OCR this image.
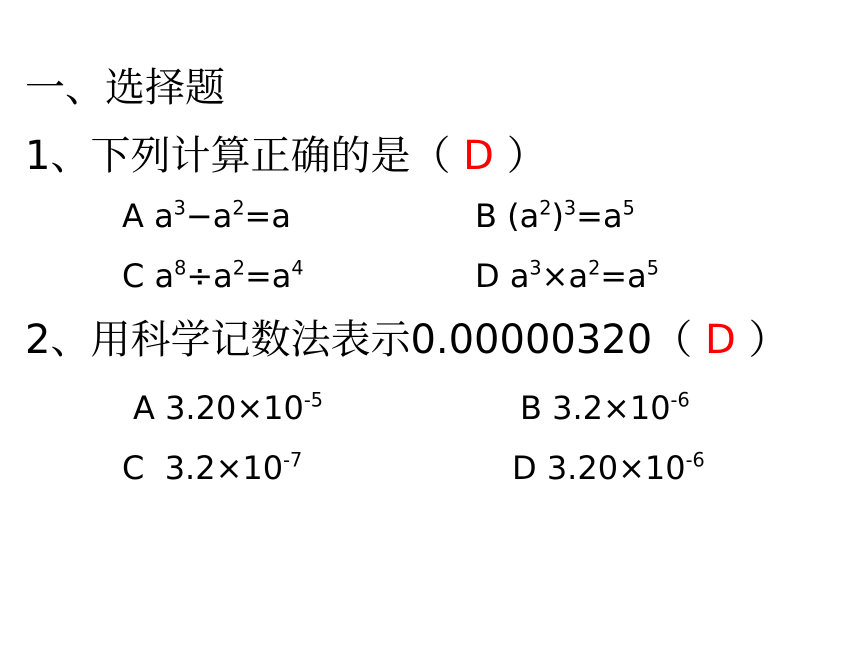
一、选择题
1、下列计算正确的是（ D ）
A $a^3-a^2=a$	B $(a^2)^3=a^5$
C $a^8\div a^2=a^4$	D $a^3\times a^2=a^5$
2、用科学记数法表示0.00000320（ D ）
A $3.20\times 10^{-5}$	B $3.2\times 10^{-6}$
C $3.2\times 10^{-7}$	D $3.20\times 10^{-6}$
